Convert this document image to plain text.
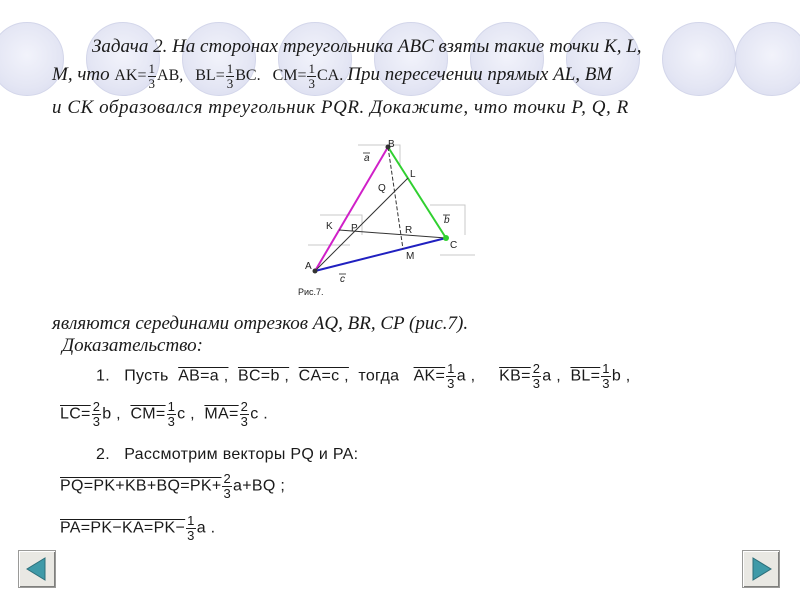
Задача 2. На сторонах треугольника ABC взяты такие точки K, L,
M, что $AK= \frac{1}{3}$ AB, $BL= \frac{1}{3}$ BC. $CM= \frac{1}{3}$ CA. При пересечении прямых AL, BM
и CK образовался треугольник PQR. Докажите, что точки P, Q, R
A
B
C
K
L
M
P
Q
R
a
b
c
Рис.7.
являются серединами отрезков AQ, BR, CP (рис.7).
Доказательство:
1. Пусть AB=a , BC=b , CA=c , тогда $AK= \frac{1}{3}$ a , $KB= \frac{2}{3}$ a , $BL= \frac{1}{3}$ b ,
$LC= \frac{2}{3}$ b , $CM= \frac{1}{3}$ c , $MA= \frac{2}{3}$ c .
2. Рассмотрим векторы PQ и PA:
$PQ=PK+KB+BQ=PK+ \frac{2}{3} a+BQ$ ;
$PA=PK-KA=PK- \frac{1}{3}$ a .
